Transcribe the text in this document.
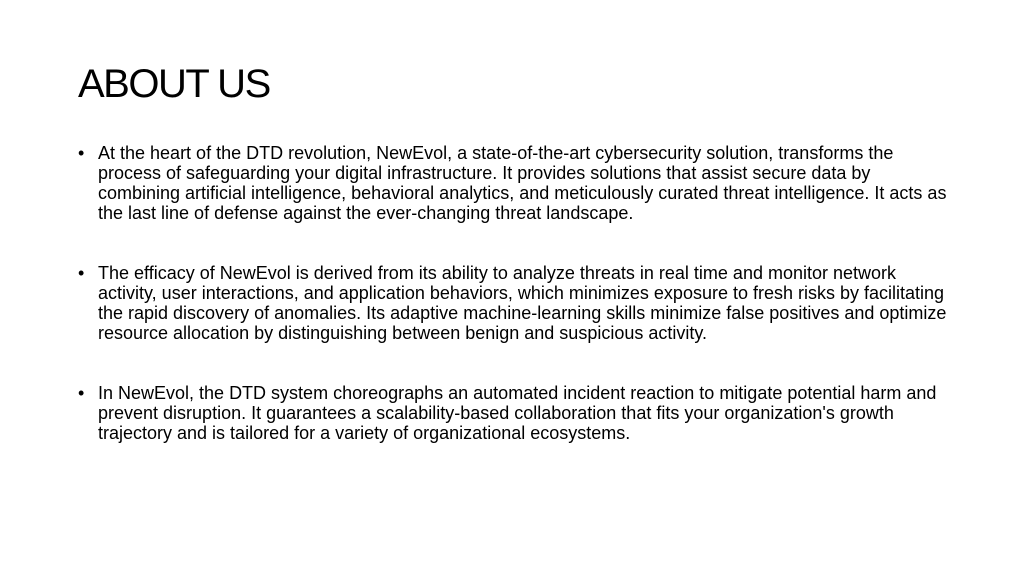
ABOUT US
• At the heart of the DTD revolution, NewEvol, a state-of-the-art cybersecurity solution, transforms the process of safeguarding your digital infrastructure. It provides solutions that assist secure data by combining artificial intelligence, behavioral analytics, and meticulously curated threat intelligence. It acts as the last line of defense against the ever-changing threat landscape.
• The efficacy of NewEvol is derived from its ability to analyze threats in real time and monitor network activity, user interactions, and application behaviors, which minimizes exposure to fresh risks by facilitating the rapid discovery of anomalies. Its adaptive machine-learning skills minimize false positives and optimize resource allocation by distinguishing between benign and suspicious activity.
• In NewEvol, the DTD system choreographs an automated incident reaction to mitigate potential harm and prevent disruption. It guarantees a scalability-based collaboration that fits your organization's growth trajectory and is tailored for a variety of organizational ecosystems.
